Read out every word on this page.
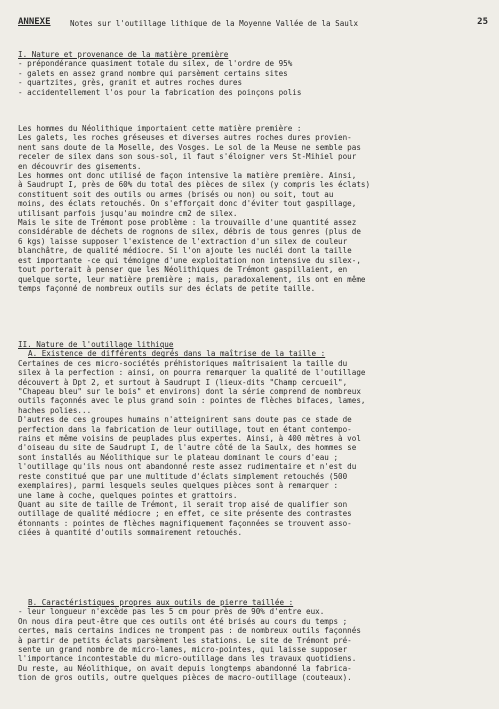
ANNEXE	Notes sur l'outillage lithique de la Moyenne Vallée de la Saulx	25
I. Nature et provenance de la matière première
- prépondérance quasiment totale du silex, de l'ordre de 95%
- galets en assez grand nombre qui parsèment certains sites
- quartzites, grès, granit et autres roches dures
- accidentellement l'os pour la fabrication des poinçons polis
Les hommes du Néolithique importaient cette matière première :
Les galets, les roches gréseuses et diverses autres roches dures provien-
nent sans doute de la Moselle, des Vosges. Le sol de la Meuse ne semble pas
receler de silex dans son sous-sol, il faut s'éloigner vers St-Mihiel pour
en découvrir des gisements.
Les hommes ont donc utilisé de façon intensive la matière première. Ainsi,
à Saudrupt I, près de 60% du total des pièces de silex (y compris les éclats)
constituent soit des outils ou armes (brisés ou non) ou soit, tout au
moins, des éclats retouchés. On s'efforçait donc d'éviter tout gaspillage,
utilisant parfois jusqu'au moindre cm2 de silex.
Mais le site de Trémont pose problème : la trouvaille d'une quantité assez
considérable de déchets de rognons de silex, débris de tous genres (plus de
6 kgs) laisse supposer l'existence de l'extraction d'un silex de couleur
blanchâtre, de qualité médiocre. Si l'on ajoute les nucléi dont la taille
est importante -ce qui témoigne d'une exploitation non intensive du silex-,
tout porterait à penser que les Néolithiques de Trémont gaspillaient, en
quelque sorte, leur matière première ; mais, paradoxalement, ils ont en même
temps façonné de nombreux outils sur des éclats de petite taille.
II. Nature de l'outillage lithique
A. Existence de différents degrés dans la maîtrise de la taille :
Certaines de ces micro-sociétés préhistoriques maîtrisaient la taille du
silex à la perfection : ainsi, on pourra remarquer la qualité de l'outillage
découvert à Dpt 2, et surtout à Saudrupt I (lieux-dits "Champ cercueil",
"Chapeau bleu" sur le bois" et environs) dont la série comprend de nombreux
outils façonnés avec le plus grand soin : pointes de flèches bifaces, lames,
haches polies...
D'autres de ces groupes humains n'atteignirent sans doute pas ce stade de
perfection dans la fabrication de leur outillage, tout en étant contempo-
rains et même voisins de peuplades plus expertes. Ainsi, à 400 mètres à vol
d'oiseau du site de Saudrupt I, de l'autre côté de la Saulx, des hommes se
sont installés au Néolithique sur le plateau dominant le cours d'eau ;
l'outillage qu'ils nous ont abandonné reste assez rudimentaire et n'est du
reste constitué que par une multitude d'éclats simplement retouchés (500
exemplaires), parmi lesquels seules quelques pièces sont à remarquer :
une lame à coche, quelques pointes et grattoirs.
Quant au site de taille de Trémont, il serait trop aisé de qualifier son
outillage de qualité médiocre ; en effet, ce site présente des contrastes
étonnants : pointes de flèches magnifiquement façonnées se trouvent asso-
ciées à quantité d'outils sommairement retouchés.
B. Caractéristiques propres aux outils de pierre taillée :
- leur longueur n'excède pas les 5 cm pour près de 90% d'entre eux.
On nous dira peut-être que ces outils ont été brisés au cours du temps ;
certes, mais certains indices ne trompent pas : de nombreux outils façonnés
à partir de petits éclats parsèment les stations. Le site de Trémont pré-
sente un grand nombre de micro-lames, micro-pointes, qui laisse supposer
l'importance incontestable du micro-outillage dans les travaux quotidiens.
Du reste, au Néolithique, on avait depuis longtemps abandonné la fabrica-
tion de gros outils, outre quelques pièces de macro-outillage (couteaux).
